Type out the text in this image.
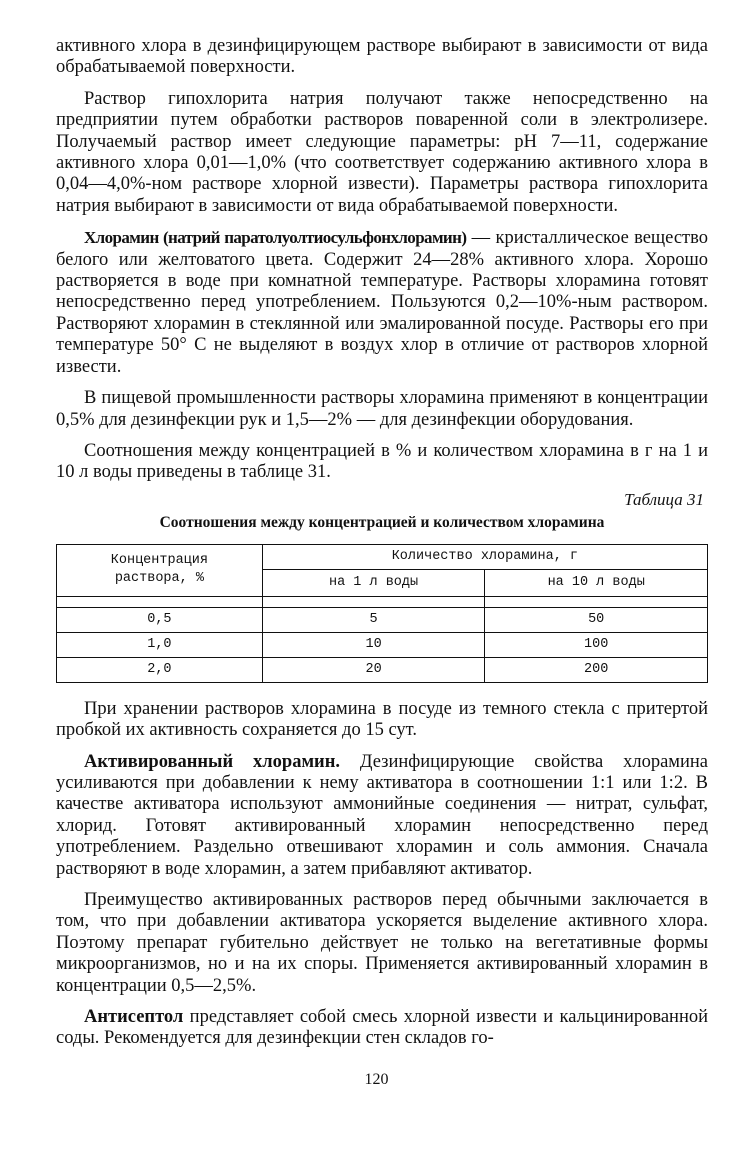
активного хлора в дезинфицирующем растворе выбирают в зависимости от вида обрабатываемой поверхности.

Раствор гипохлорита натрия получают также непосредственно на предприятии путем обработки растворов поваренной соли в электролизере. Получаемый раствор имеет следующие параметры: pH 7—11, содержание активного хлора 0,01—1,0% (что соответствует содержанию активного хлора в 0,04—4,0%-ном растворе хлорной извести). Параметры раствора гипохлорита натрия выбирают в зависимости от вида обрабатываемой поверхности.

Хлорамин (натрий паратолуолтиосульфонхлорамин) — кристаллическое вещество белого или желтоватого цвета. Содержит 24—28% активного хлора. Хорошо растворяется в воде при комнатной температуре. Растворы хлорамина готовят непосредственно перед употреблением. Пользуются 0,2—10%-ным раствором. Растворяют хлорамин в стеклянной или эмалированной посуде. Растворы его при температуре 50° С не выделяют в воздух хлор в отличие от растворов хлорной извести.

В пищевой промышленности растворы хлорамина применяют в концентрации 0,5% для дезинфекции рук и 1,5—2% — для дезинфекции оборудования.

Соотношения между концентрацией в % и количеством хлорамина в г на 1 и 10 л воды приведены в таблице 31.

Таблица 31
Соотношения между концентрацией и количеством хлорамина
Концентрация
раствора, %	Количество хлорамина, г	
	на 1 л воды	на 10 л воды

0,5	5	50
1,0	10	100
2,0	20	200

При хранении растворов хлорамина в посуде из темного стекла с притертой пробкой их активность сохраняется до 15 сут.

Активированный хлорамин. Дезинфицирующие свойства хлорамина усиливаются при добавлении к нему активатора в соотношении 1:1 или 1:2. В качестве активатора используют аммонийные соединения — нитрат, сульфат, хлорид. Готовят активированный хлорамин непосредственно перед употреблением. Раздельно отвешивают хлорамин и соль аммония. Сначала растворяют в воде хлорамин, а затем прибавляют активатор.

Преимущество активированных растворов перед обычными заключается в том, что при добавлении активатора ускоряется выделение активного хлора. Поэтому препарат губительно действует не только на вегетативные формы микроорганизмов, но и на их споры. Применяется активированный хлорамин в концентрации 0,5—2,5%.

Антисептол представляет собой смесь хлорной извести и кальцинированной соды. Рекомендуется для дезинфекции стен складов го-

120
